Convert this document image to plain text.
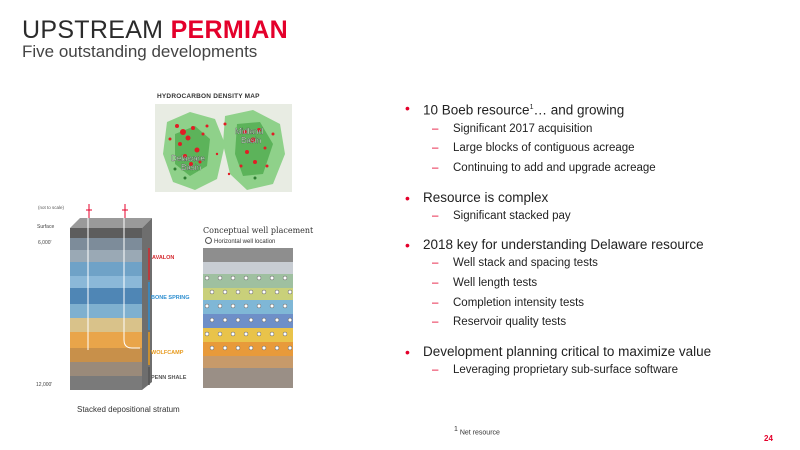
UPSTREAM PERMIAN
Five outstanding developments
HYDROCARBON DENSITY MAP
Delaware Basin
Midland Basin
(not to scale)
Surface
6,000'
12,000'
AVALON
BONE SPRING
WOLFCAMP
PENN SHALE
Stacked depositional stratum
Conceptual well placement
Horizontal well location
• 10 Boeb resource$^1$… and growing
– Significant 2017 acquisition
– Large blocks of contiguous acreage
– Continuing to add and upgrade acreage
• Resource is complex
– Significant stacked pay
• 2018 key for understanding Delaware resource
– Well stack and spacing tests
– Well length tests
– Completion intensity tests
– Reservoir quality tests
• Development planning critical to maximize value
– Leveraging proprietary sub-surface software
$^1$ Net resource
24
